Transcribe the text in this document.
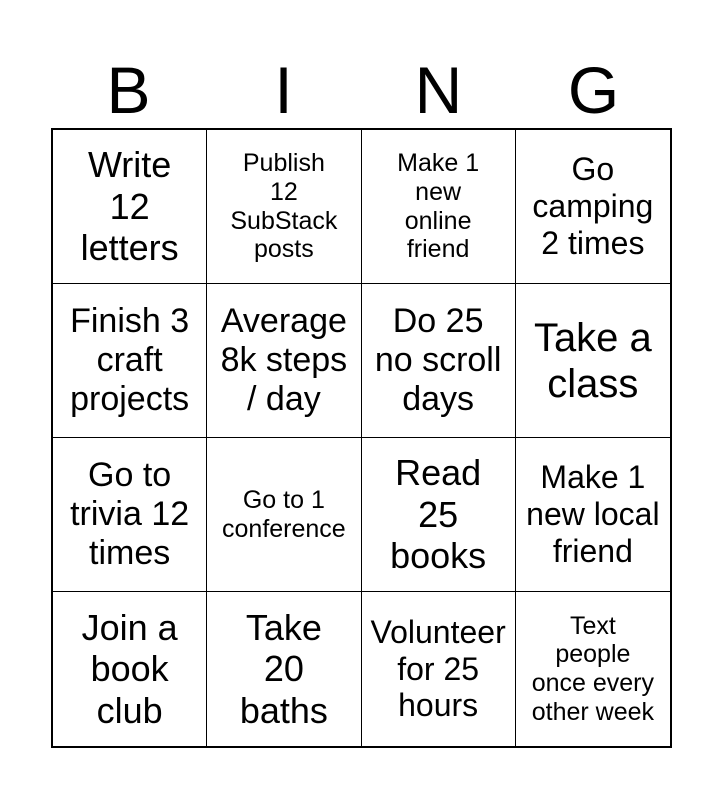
B	I	N	G
Write
12
letters
Publish
12
SubStack
posts
Make 1
new
online
friend
Go
camping
2 times
Finish 3
craft
projects
Average
8k steps
/ day
Do 25
no scroll
days
Take a
class
Go to
trivia 12
times
Go to 1
conference
Read
25
books
Make 1
new local
friend
Join a
book
club
Take
20
baths
Volunteer
for 25
hours
Text
people
once every
other week
